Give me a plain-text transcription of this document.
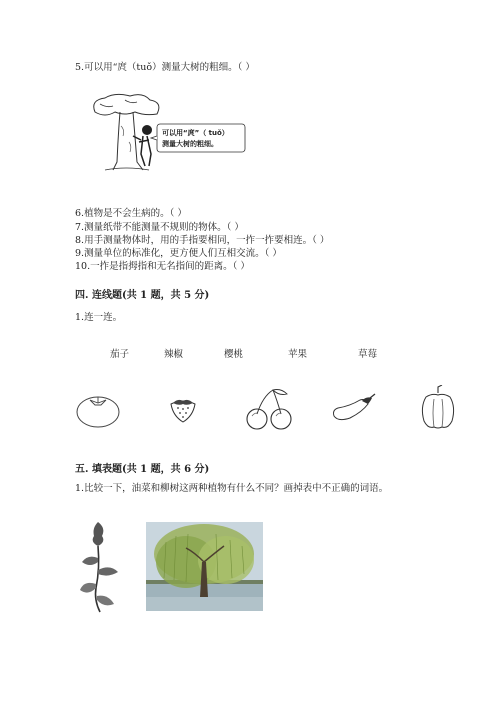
5.可以用“庹（tuǒ）测量大树的粗细。（ ）
可以用“庹”（ tuǒ）
测量大树的粗细。
6.植物是不会生病的。（ ）
7.测量纸带不能测量不规则的物体。（ ）
8.用手测量物体时，用的手指要相同，一拃一拃要相连。（ ）
9.测量单位的标准化，更方便人们互相交流。（ ）
10.一拃是指拇指和无名指间的距离。（ ）
四. 连线题(共 1 题，共 5 分)
1.连一连。
茄子	辣椒	樱桃	苹果	草莓
五. 填表题(共 1 题，共 6 分)
1.比较一下，油菜和柳树这两种植物有什么不同？画掉表中不正确的词语。
